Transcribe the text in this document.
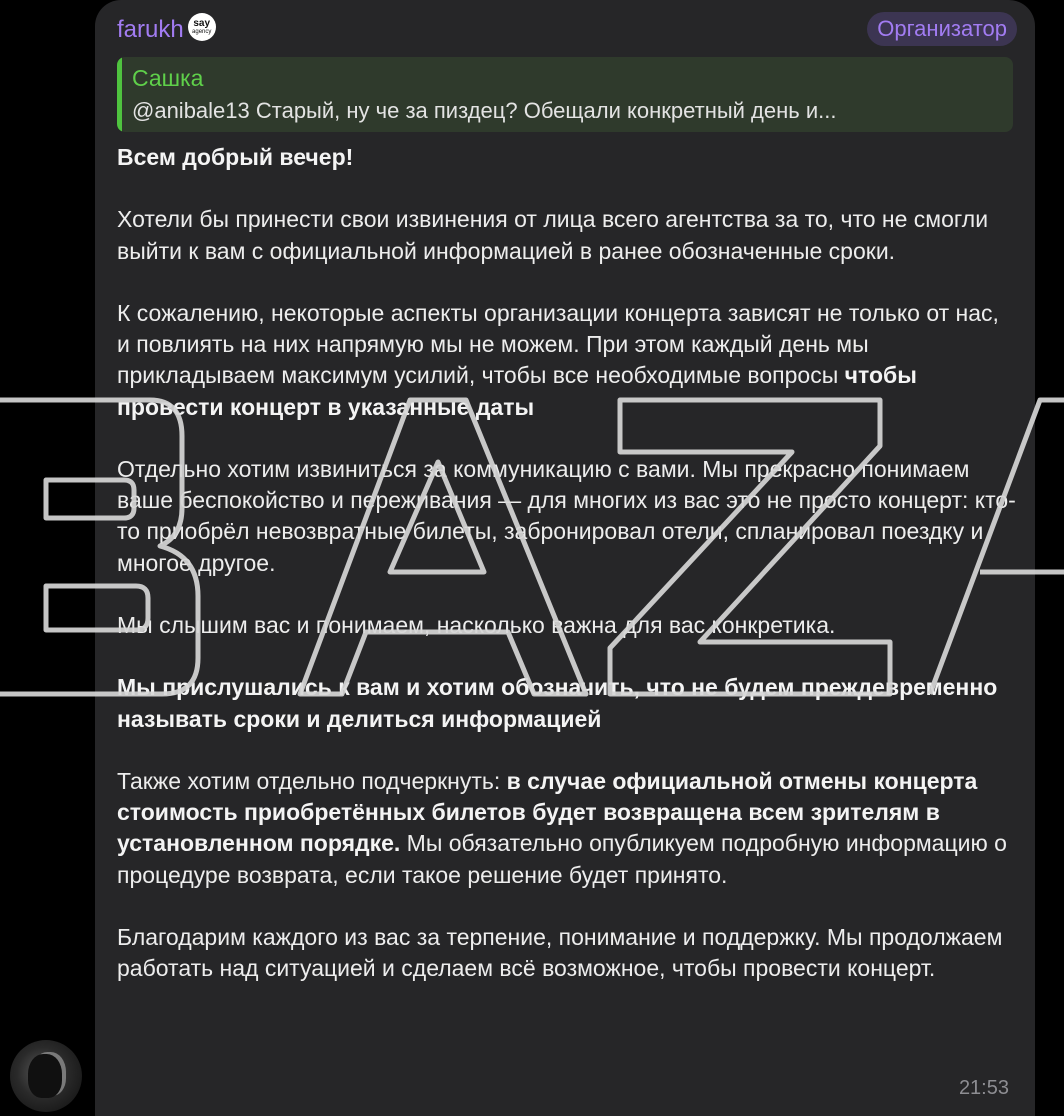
farukh say
agency	Организатор
Сашка
@anibale13 Старый, ну че за пиздец? Обещали конкретный день и...

Всем добрый вечер!

Хотели бы принести свои извинения от лица всего агентства за то, что не смогли выйти к вам с официальной информацией в ранее обозначенные сроки.

К сожалению, некоторые аспекты организации концерта зависят не только от нас, и повлиять на них напрямую мы не можем. При этом каждый день мы прикладываем максимум усилий, чтобы все необходимые вопросы чтобы провести концерт в указанные даты

Отдельно хотим извиниться за коммуникацию с вами. Мы прекрасно понимаем ваше беспокойство и переживания — для многих из вас это не просто концерт: кто-то приобрёл невозвратные билеты, забронировал отели, спланировал поездку и многое другое.

Мы слышим вас и понимаем, насколько важна для вас конкретика.

Мы прислушались к вам и хотим обозначить, что не будем преждевременно называть сроки и делиться информацией

Также хотим отдельно подчеркнуть: в случае официальной отмены концерта стоимость приобретённых билетов будет возвращена всем зрителям в установленном порядке. Мы обязательно опубликуем подробную информацию о процедуре возврата, если такое решение будет принято.

Благодарим каждого из вас за терпение, понимание и поддержку. Мы продолжаем работать над ситуацией и сделаем всё возможное, чтобы провести концерт.

21:53
